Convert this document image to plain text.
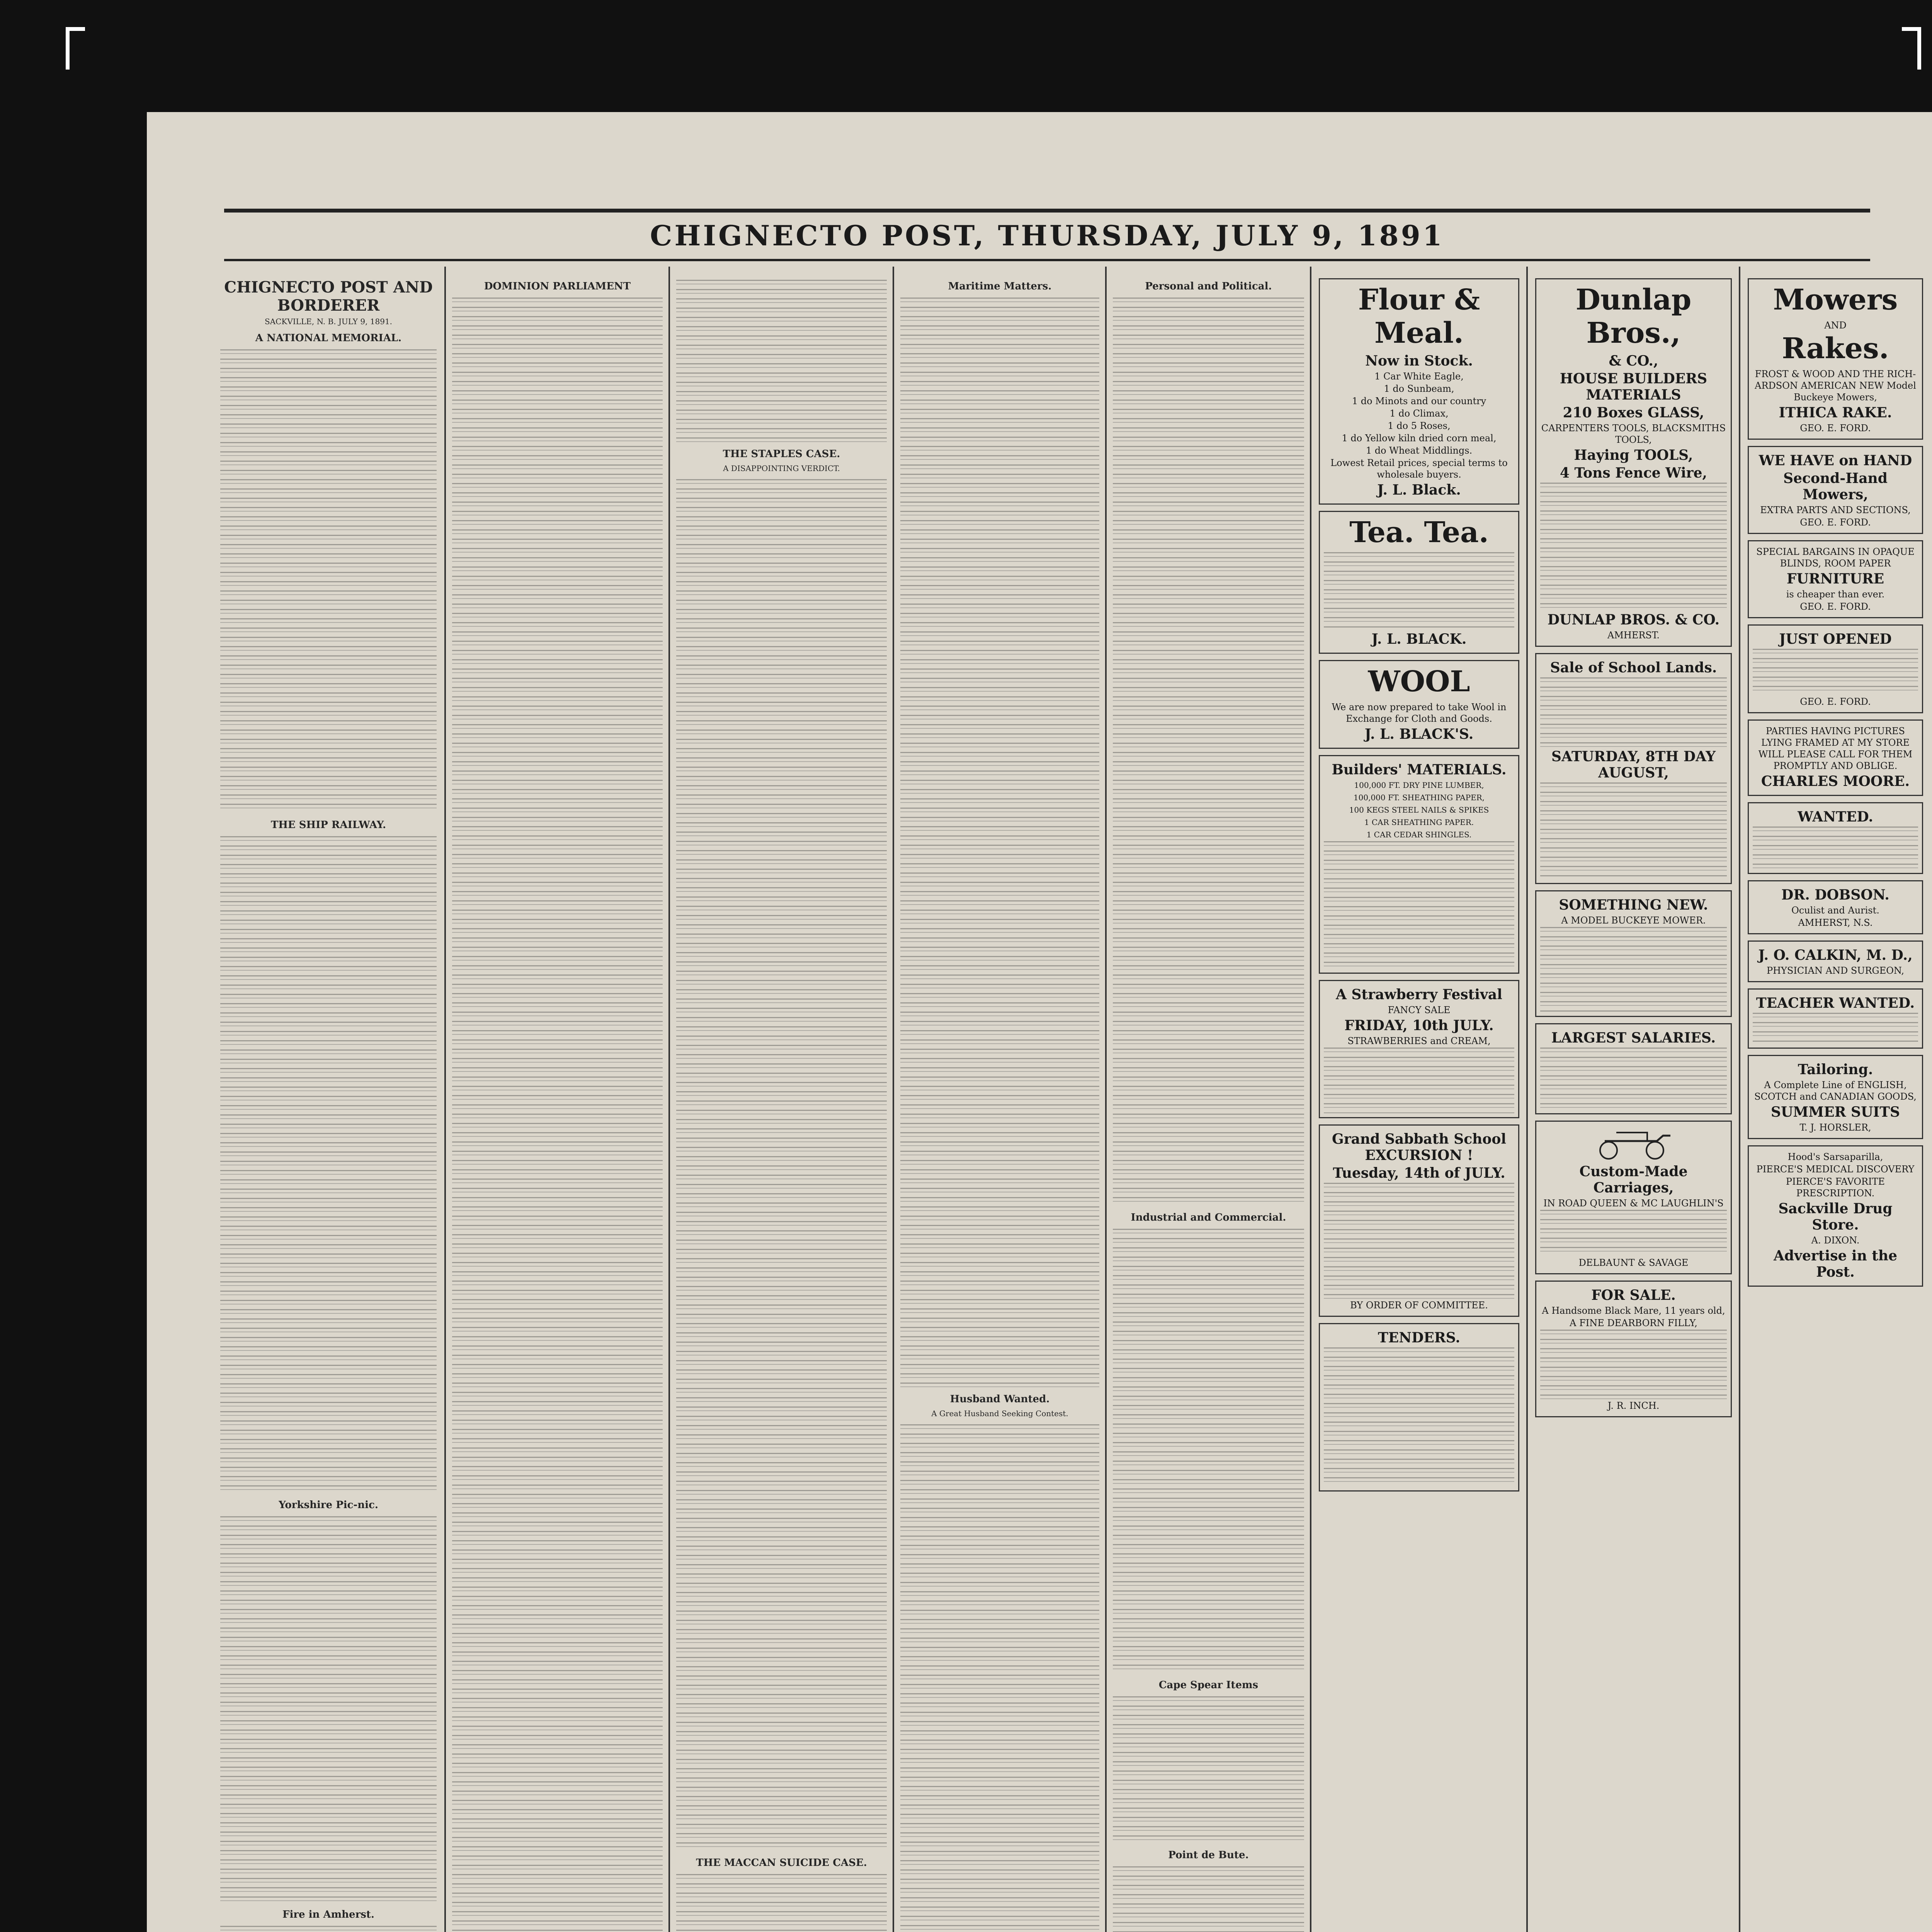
CHIGNECTO POST, THURSDAY, JULY 9, 1891
CHIGNECTO POST AND BORDERER
SACKVILLE, N. B. JULY 9, 1891.
A NATIONAL MEMORIAL.
THE SHIP RAILWAY.
Yorkshire Pic-nic.
Fire in Amherst.
DOMINION PARLIAMENT
THE STAPLES CASE.
A DISAPPOINTING VERDICT.
THE MACCAN SUICIDE CASE.
Maritime Matters.
Husband Wanted.
A Great Husband Seeking Contest.
Personal and Political.
Industrial and Commercial.
Cape Spear Items
Point de Bute.
Flour & Meal.
Now in Stock.

1 Car White Eagle,

1 do Sunbeam,

1 do Minots and our country

1 do Climax,

1 do 5 Roses,

1 do Yellow kiln dried corn meal,

1 do Wheat Middlings.

Lowest Retail prices, special terms to wholesale buyers.

J. L. Black.
Tea. Tea.
J. L. BLACK.
WOOL

We are now prepared to take Wool in Exchange for Cloth and Goods.

J. L. BLACK'S.
Builders' MATERIALS.

100,000 FT. DRY PINE LUMBER,

100,000 FT. SHEATHING PAPER,

100 KEGS STEEL NAILS & SPIKES

1 CAR SHEATHING PAPER.

1 CAR CEDAR SHINGLES.

A Strawberry Festival

FANCY SALE

FRIDAY, 10th JULY.

STRAWBERRIES and CREAM,

Grand Sabbath School EXCURSION !
Tuesday, 14th of JULY.

BY ORDER OF COMMITTEE.

TENDERS.
Dunlap Bros.,
& CO.,
HOUSE BUILDERS MATERIALS
210 Boxes GLASS,

CARPENTERS TOOLS, BLACKSMITHS TOOLS,

Haying TOOLS,
4 Tons Fence Wire,
DUNLAP BROS. & CO.

AMHERST.

Sale of School Lands.
SATURDAY, 8TH DAY AUGUST,
SOMETHING NEW.

A MODEL BUCKEYE MOWER.

LARGEST SALARIES.
Custom-Made Carriages,

IN ROAD QUEEN & MC LAUGHLIN'S

DELBAUNT & SAVAGE

FOR SALE.

A Handsome Black Mare, 11 years old,

A FINE DEARBORN FILLY,

J. R. INCH.

Mowers

AND

Rakes.

FROST & WOOD AND THE RICH-ARDSON AMERICAN NEW Model Buckeye Mowers,

ITHICA RAKE.

GEO. E. FORD.

WE HAVE on HAND
Second-Hand Mowers,

EXTRA PARTS AND SECTIONS,

GEO. E. FORD.

SPECIAL BARGAINS IN OPAQUE BLINDS, ROOM PAPER

FURNITURE

is cheaper than ever.

GEO. E. FORD.

JUST OPENED

GEO. E. FORD.

PARTIES HAVING PICTURES LYING FRAMED AT MY STORE WILL PLEASE CALL FOR THEM PROMPTLY AND OBLIGE.

CHARLES MOORE.
WANTED.
DR. DOBSON.

Oculist and Aurist.

AMHERST, N.S.

J. O. CALKIN, M. D.,

PHYSICIAN AND SURGEON,

TEACHER WANTED.
Tailoring.

A Complete Line of ENGLISH, SCOTCH and CANADIAN GOODS,

SUMMER SUITS

T. J. HORSLER,

Hood's Sarsaparilla,

PIERCE'S MEDICAL DISCOVERY

PIERCE'S FAVORITE PRESCRIPTION.

Sackville Drug Store.

A. DIXON.

Advertise in the Post.
